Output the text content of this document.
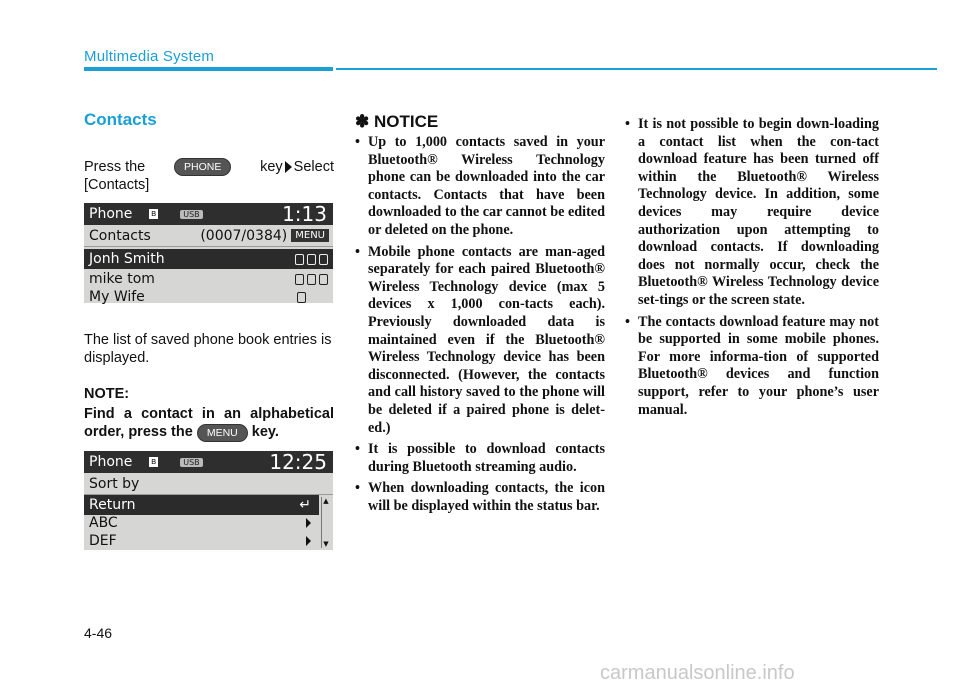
Multimedia System
Contacts
Press the	PHONE	key Select
[Contacts]
Phone	ʙ	USB	1:13
Contacts	(0007/0384) MENU
Jonh Smith
mike tom
My Wife
The list of saved phone book entries is displayed.
NOTE:
Find a contact in an alphabetical order, press the MENU key.
Phone	ʙ	USB	12:25
Sort by
Return	↵
ABC
DEF
▲
▼
✽ NOTICE
• Up to 1,000 contacts saved in your Bluetooth® Wireless Technology phone can be downloaded into the car contacts. Contacts that have been downloaded to the car cannot be edited or deleted on the phone.
• Mobile phone contacts are man-aged separately for each paired Bluetooth® Wireless Technology device (max 5 devices x 1,000 con-tacts each). Previously downloaded data is maintained even if the Bluetooth® Wireless Technology device has been disconnected. (However, the contacts and call history saved to the phone will be deleted if a paired phone is delet-ed.)
• It is possible to download contacts during Bluetooth streaming audio.
• When downloading contacts, the icon will be displayed within the status bar.
• It is not possible to begin down-loading a contact list when the con-tact download feature has been turned off within the Bluetooth® Wireless Technology device. In addition, some devices may require device authorization upon attempting to download contacts. If downloading does not normally occur, check the Bluetooth® Wireless Technology device set-tings or the screen state.
• The contacts download feature may not be supported in some mobile phones. For more informa-tion of supported Bluetooth® devices and function support, refer to your phone’s user manual.
4-46
carmanualsonline.info
